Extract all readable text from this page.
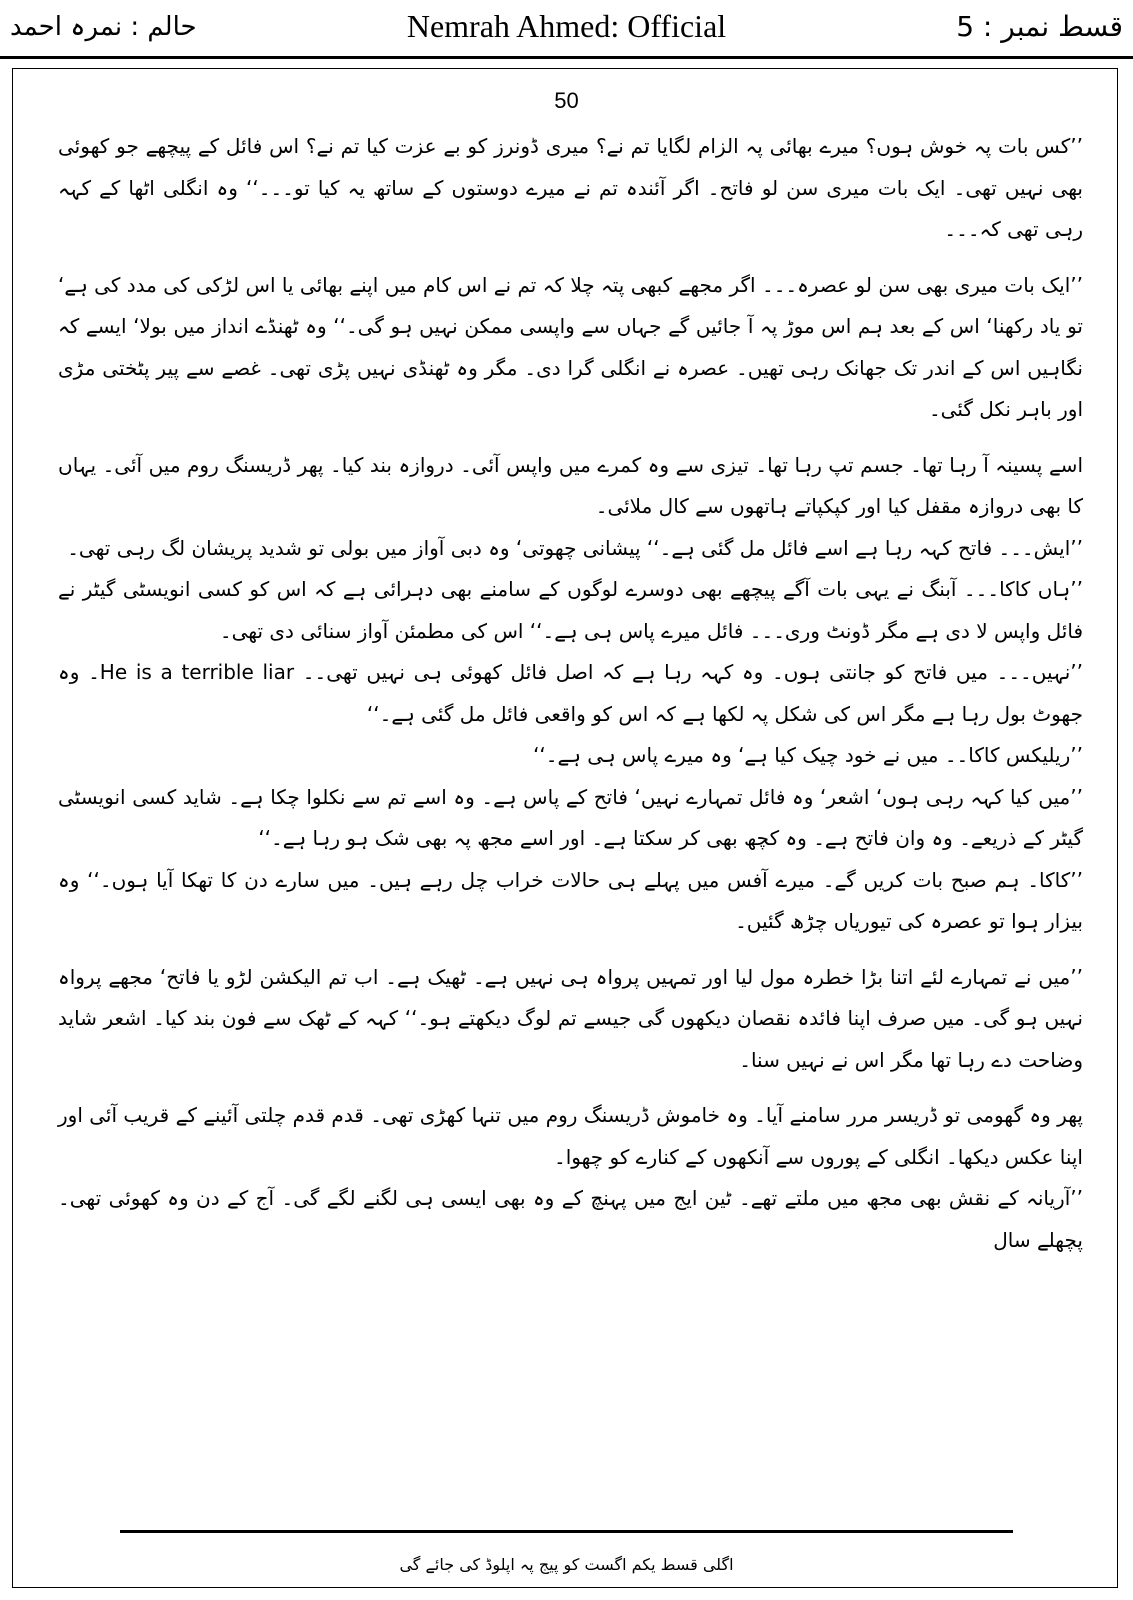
حالم : نمرہ احمد	Nemrah Ahmed: Official	قسط نمبر : 5
50

’’کس بات پہ خوش ہوں؟ میرے بھائی پہ الزام لگایا تم نے؟ میری ڈونرز کو بے عزت کیا تم نے؟ اس فائل کے پیچھے جو کھوئی بھی نہیں تھی۔ ایک بات میری سن لو فاتح۔ اگر آئندہ تم نے میرے دوستوں کے ساتھ یہ کیا تو۔۔۔‘‘ وہ انگلی اٹھا کے کہہ رہی تھی کہ۔۔۔

’’ایک بات میری بھی سن لو عصرہ۔۔۔ اگر مجھے کبھی پتہ چلا کہ تم نے اس کام میں اپنے بھائی یا اس لڑکی کی مدد کی ہے‘ تو یاد رکھنا‘ اس کے بعد ہم اس موڑ پہ آ جائیں گے جہاں سے واپسی ممکن نہیں ہو گی۔‘‘ وہ ٹھنڈے انداز میں بولا‘ ایسے کہ نگاہیں اس کے اندر تک جھانک رہی تھیں۔ عصرہ نے انگلی گرا دی۔ مگر وہ ٹھنڈی نہیں پڑی تھی۔ غصے سے پیر پٹختی مڑی اور باہر نکل گئی۔

اسے پسینہ آ رہا تھا۔ جسم تپ رہا تھا۔ تیزی سے وہ کمرے میں واپس آئی۔ دروازہ بند کیا۔ پھر ڈریسنگ روم میں آئی۔ یہاں کا بھی دروازہ مقفل کیا اور کپکپاتے ہاتھوں سے کال ملائی۔

’’ایش۔۔۔ فاتح کہہ رہا ہے اسے فائل مل گئی ہے۔‘‘ پیشانی چھوتی‘ وہ دبی آواز میں بولی تو شدید پریشان لگ رہی تھی۔

’’ہاں کاکا۔۔۔ آبنگ نے یہی بات آگے پیچھے بھی دوسرے لوگوں کے سامنے بھی دہرائی ہے کہ اس کو کسی انویسٹی گیٹر نے فائل واپس لا دی ہے مگر ڈونٹ وری۔۔۔ فائل میرے پاس ہی ہے۔‘‘ اس کی مطمئن آواز سنائی دی تھی۔

’’نہیں۔۔۔ میں فاتح کو جانتی ہوں۔ وہ کہہ رہا ہے کہ اصل فائل کھوئی ہی نہیں تھی۔۔ He is a terrible liar۔ وہ جھوٹ بول رہا ہے مگر اس کی شکل پہ لکھا ہے کہ اس کو واقعی فائل مل گئی ہے۔‘‘

’’ریلیکس کاکا۔۔ میں نے خود چیک کیا ہے‘ وہ میرے پاس ہی ہے۔‘‘

’’میں کیا کہہ رہی ہوں‘ اشعر‘ وہ فائل تمہارے نہیں‘ فاتح کے پاس ہے۔ وہ اسے تم سے نکلوا چکا ہے۔ شاید کسی انویسٹی گیٹر کے ذریعے۔ وہ وان فاتح ہے۔ وہ کچھ بھی کر سکتا ہے۔ اور اسے مجھ پہ بھی شک ہو رہا ہے۔‘‘

’’کاکا۔ ہم صبح بات کریں گے۔ میرے آفس میں پہلے ہی حالات خراب چل رہے ہیں۔ میں سارے دن کا تھکا آیا ہوں۔‘‘ وہ بیزار ہوا تو عصرہ کی تیوریاں چڑھ گئیں۔

’’میں نے تمہارے لئے اتنا بڑا خطرہ مول لیا اور تمہیں پرواہ ہی نہیں ہے۔ ٹھیک ہے۔ اب تم الیکشن لڑو یا فاتح‘ مجھے پرواہ نہیں ہو گی۔ میں صرف اپنا فائدہ نقصان دیکھوں گی جیسے تم لوگ دیکھتے ہو۔‘‘ کہہ کے ٹھک سے فون بند کیا۔ اشعر شاید وضاحت دے رہا تھا مگر اس نے نہیں سنا۔

پھر وہ گھومی تو ڈریسر مرر سامنے آیا۔ وہ خاموش ڈریسنگ روم میں تنہا کھڑی تھی۔ قدم قدم چلتی آئینے کے قریب آئی اور اپنا عکس دیکھا۔ انگلی کے پوروں سے آنکھوں کے کنارے کو چھوا۔

’’آریانہ کے نقش بھی مجھ میں ملتے تھے۔ ٹین ایج میں پہنچ کے وہ بھی ایسی ہی لگنے لگے گی۔ آج کے دن وہ کھوئی تھی۔ پچھلے سال

اگلی قسط یکم اگست کو پیج پہ اپلوڈ کی جائے گی
